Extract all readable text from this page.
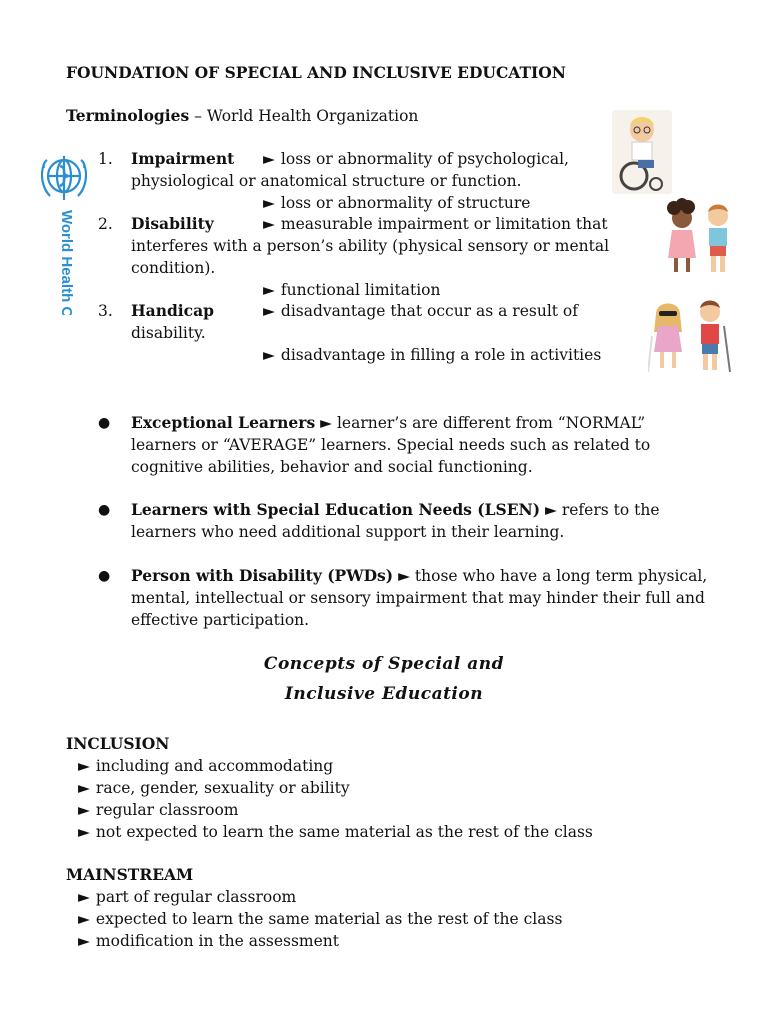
FOUNDATION OF SPECIAL AND INCLUSIVE EDUCATION
Terminologies – World Health Organization
World Health Organization
1. Impairment ► loss or abnormality of psychological,
physiological or anatomical structure or function.
► loss or abnormality of structure
2. Disability	► measurable impairment or limitation that
interferes with a person’s ability (physical sensory or mental
condition).
► functional limitation
3. Handicap	► disadvantage that occur as a result of
disability.
► disadvantage in filling a role in activities
● Exceptional Learners ► learner’s are different from “NORMAL” learners or “AVERAGE” learners. Special needs such as related to cognitive abilities, behavior and social functioning.
● Learners with Special Education Needs (LSEN) ► refers to the learners who need additional support in their learning.
● Person with Disability (PWDs) ► those who have a long term physical, mental, intellectual or sensory impairment that may hinder their full and effective participation.
Concepts of Special and
Inclusive Education
INCLUSION
► including and accommodating
► race, gender, sexuality or ability
► regular classroom
► not expected to learn the same material as the rest of the class
MAINSTREAM
► part of regular classroom
► expected to learn the same material as the rest of the class
► modification in the assessment
